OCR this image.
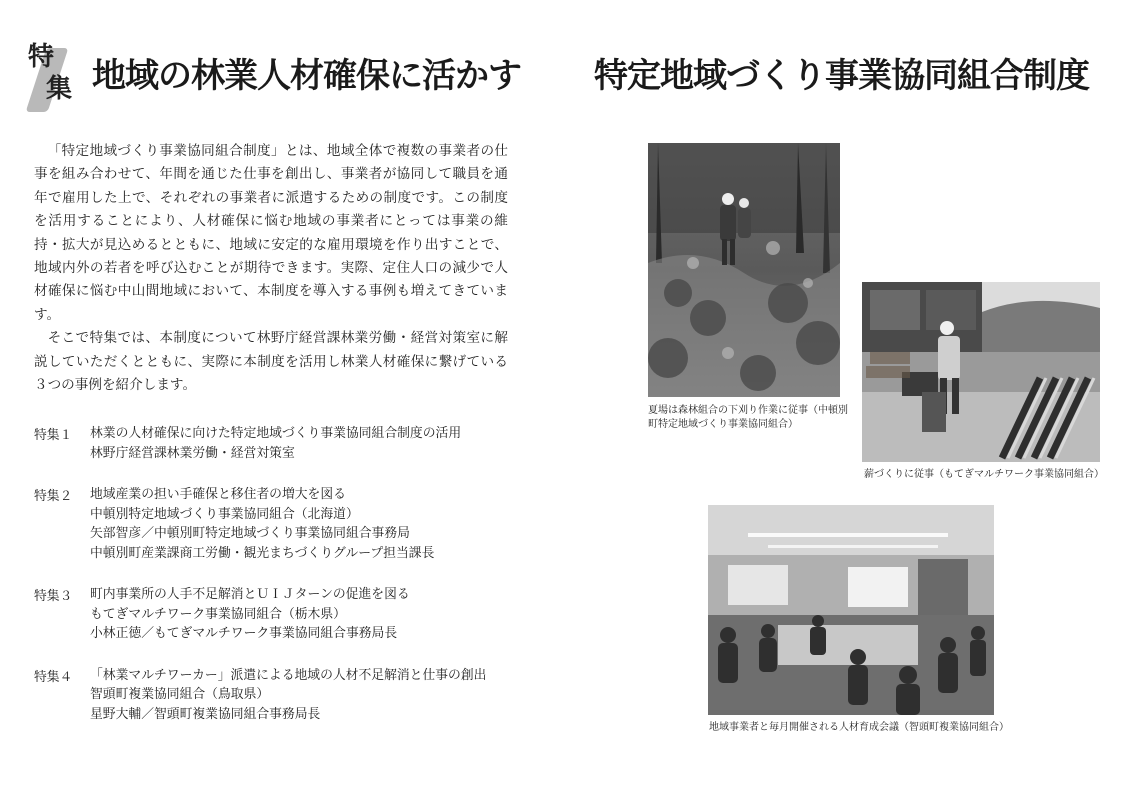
特
集 地域の林業人材確保に活かす 特定地域づくり事業協同組合制度

「特定地域づくり事業協同組合制度」とは、地域全体で複数の事業者の仕事を組み合わせて、年間を通じた仕事を創出し、事業者が協同して職員を通年で雇用した上で、それぞれの事業者に派遣するための制度です。この制度を活用することにより、人材確保に悩む地域の事業者にとっては事業の維持・拡大が見込めるとともに、地域に安定的な雇用環境を作り出すことで、地域内外の若者を呼び込むことが期待できます。実際、定住人口の減少で人材確保に悩む中山間地域において、本制度を導入する事例も増えてきています。

そこで特集では、本制度について林野庁経営課林業労働・経営対策室に解説していただくとともに、実際に本制度を活用し林業人材確保に繋げている３つの事例を紹介します。

特集１	林業の人材確保に向けた特定地域づくり事業協同組合制度の活用
林野庁経営課林業労働・経営対策室
特集２	地域産業の担い手確保と移住者の増大を図る
中頓別特定地域づくり事業協同組合（北海道）
矢部智彦／中頓別町特定地域づくり事業協同組合事務局
中頓別町産業課商工労働・観光まちづくりグループ担当課長
特集３	町内事業所の人手不足解消とＵＩＪターンの促進を図る
もてぎマルチワーク事業協同組合（栃木県）
小林正徳／もてぎマルチワーク事業協同組合事務局長
特集４	「林業マルチワーカー」派遣による地域の人材不足解消と仕事の創出
智頭町複業協同組合（鳥取県）
星野大輔／智頭町複業協同組合事務局長
夏場は森林組合の下刈り作業に従事（中頓別
町特定地域づくり事業協同組合）
薪づくりに従事（もてぎマルチワーク事業協同組合）
地域事業者と毎月開催される人材育成会議（智頭町複業協同組合）
